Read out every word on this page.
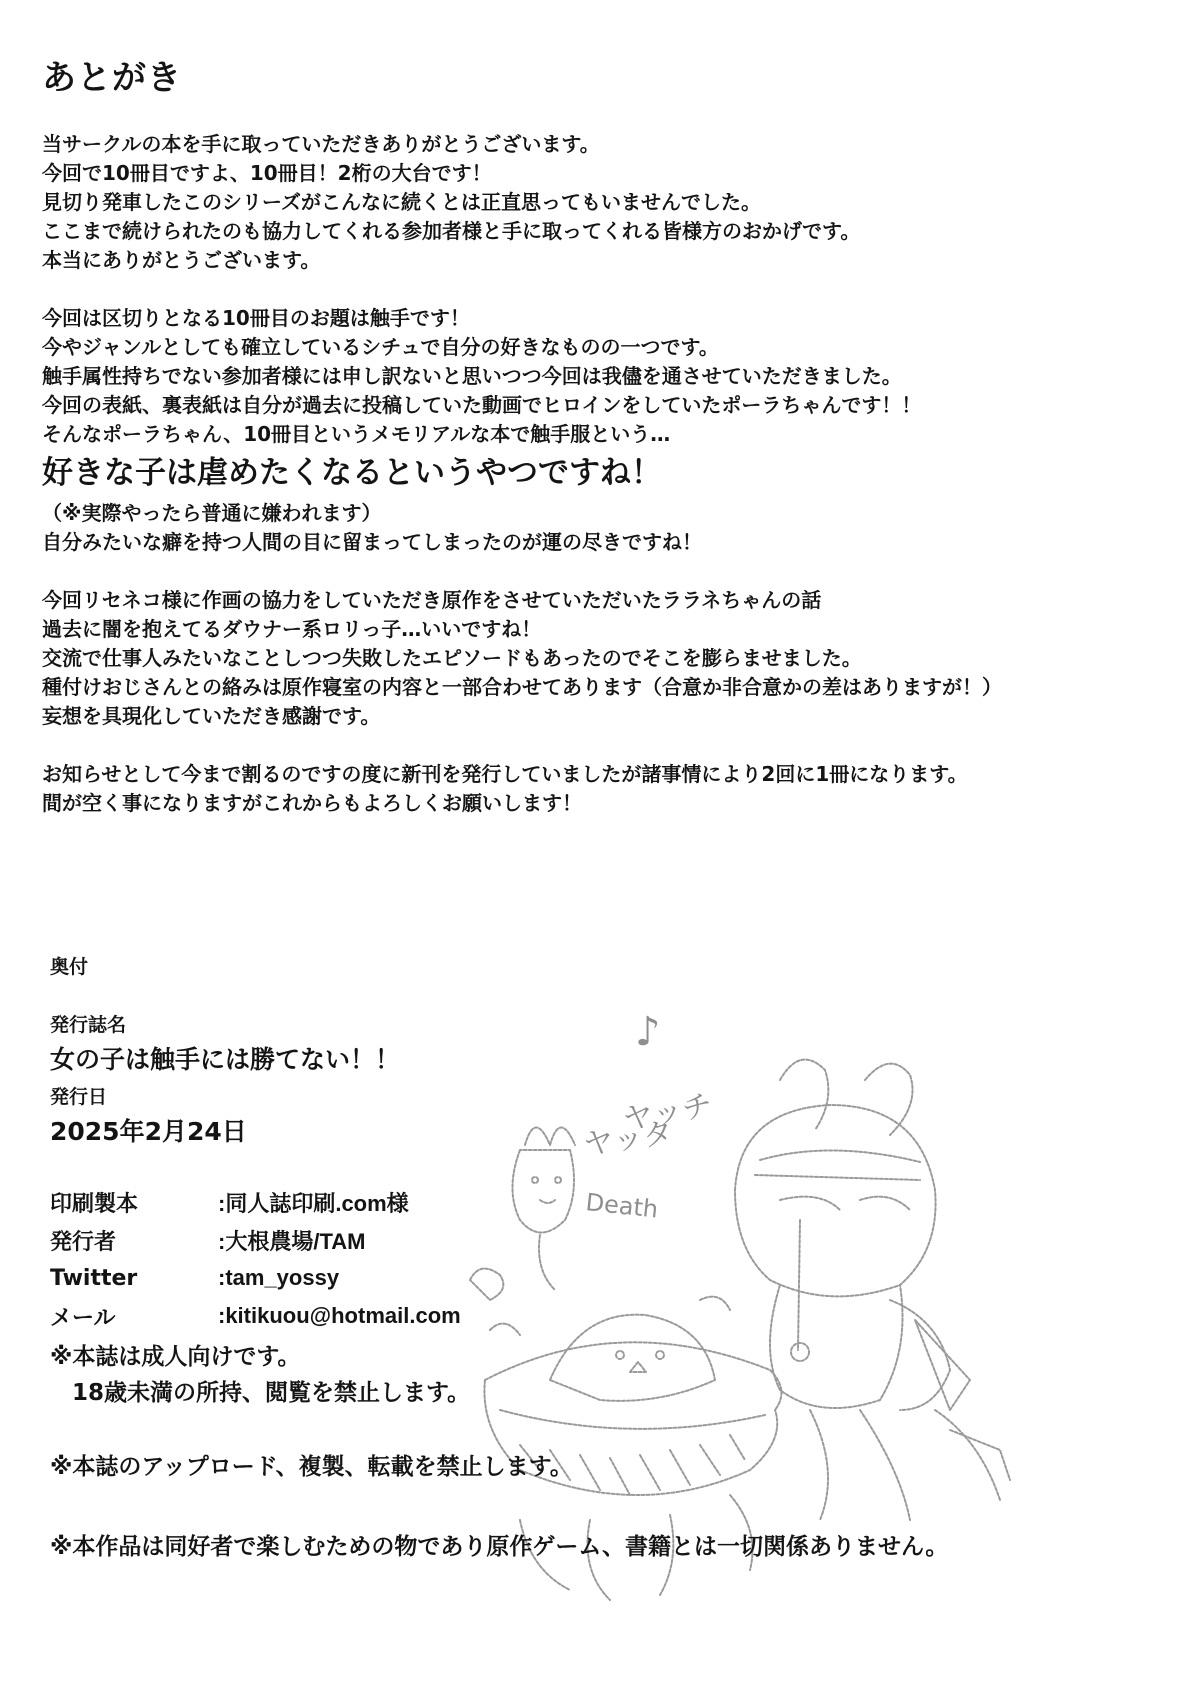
あとがき
当サークルの本を手に取っていただきありがとうございます。
今回で10冊目ですよ、10冊目！2桁の大台です！
見切り発車したこのシリーズがこんなに続くとは正直思ってもいませんでした。
ここまで続けられたのも協力してくれる参加者様と手に取ってくれる皆様方のおかげです。
本当にありがとうございます。
今回は区切りとなる10冊目のお題は触手です！
今やジャンルとしても確立しているシチュで自分の好きなものの一つです。
触手属性持ちでない参加者様には申し訳ないと思いつつ今回は我儘を通させていただきました。
今回の表紙、裏表紙は自分が過去に投稿していた動画でヒロインをしていたポーラちゃんです！！
そんなポーラちゃん、10冊目というメモリアルな本で触手服という…
好きな子は虐めたくなるというやつですね！
（※実際やったら普通に嫌われます）
自分みたいな癖を持つ人間の目に留まってしまったのが運の尽きですね！
今回リセネコ様に作画の協力をしていただき原作をさせていただいたララネちゃんの話
過去に闇を抱えてるダウナー系ロリっ子…いいですね！
交流で仕事人みたいなことしつつ失敗したエピソードもあったのでそこを膨らませました。
種付けおじさんとの絡みは原作寝室の内容と一部合わせてあります（合意か非合意かの差はありますが！）
妄想を具現化していただき感謝です。
お知らせとして今まで割るのですの度に新刊を発行していましたが諸事情により2回に1冊になります。
間が空く事になりますがこれからもよろしくお願いします！
ヤッタ
ヤッチ
Death
♪
奥付
発行誌名
女の子は触手には勝てない！！
発行日
2025年2月24日
印刷製本	:同人誌印刷.com様
発行者	:大根農場/TAM
Twitter	:tam_yossy
メール	:kitikuou@hotmail.com
※本誌は成人向けです。
18歳未満の所持、閲覧を禁止します。
※本誌のアップロード、複製、転載を禁止します。
※本作品は同好者で楽しむための物であり原作ゲーム、書籍とは一切関係ありません。
